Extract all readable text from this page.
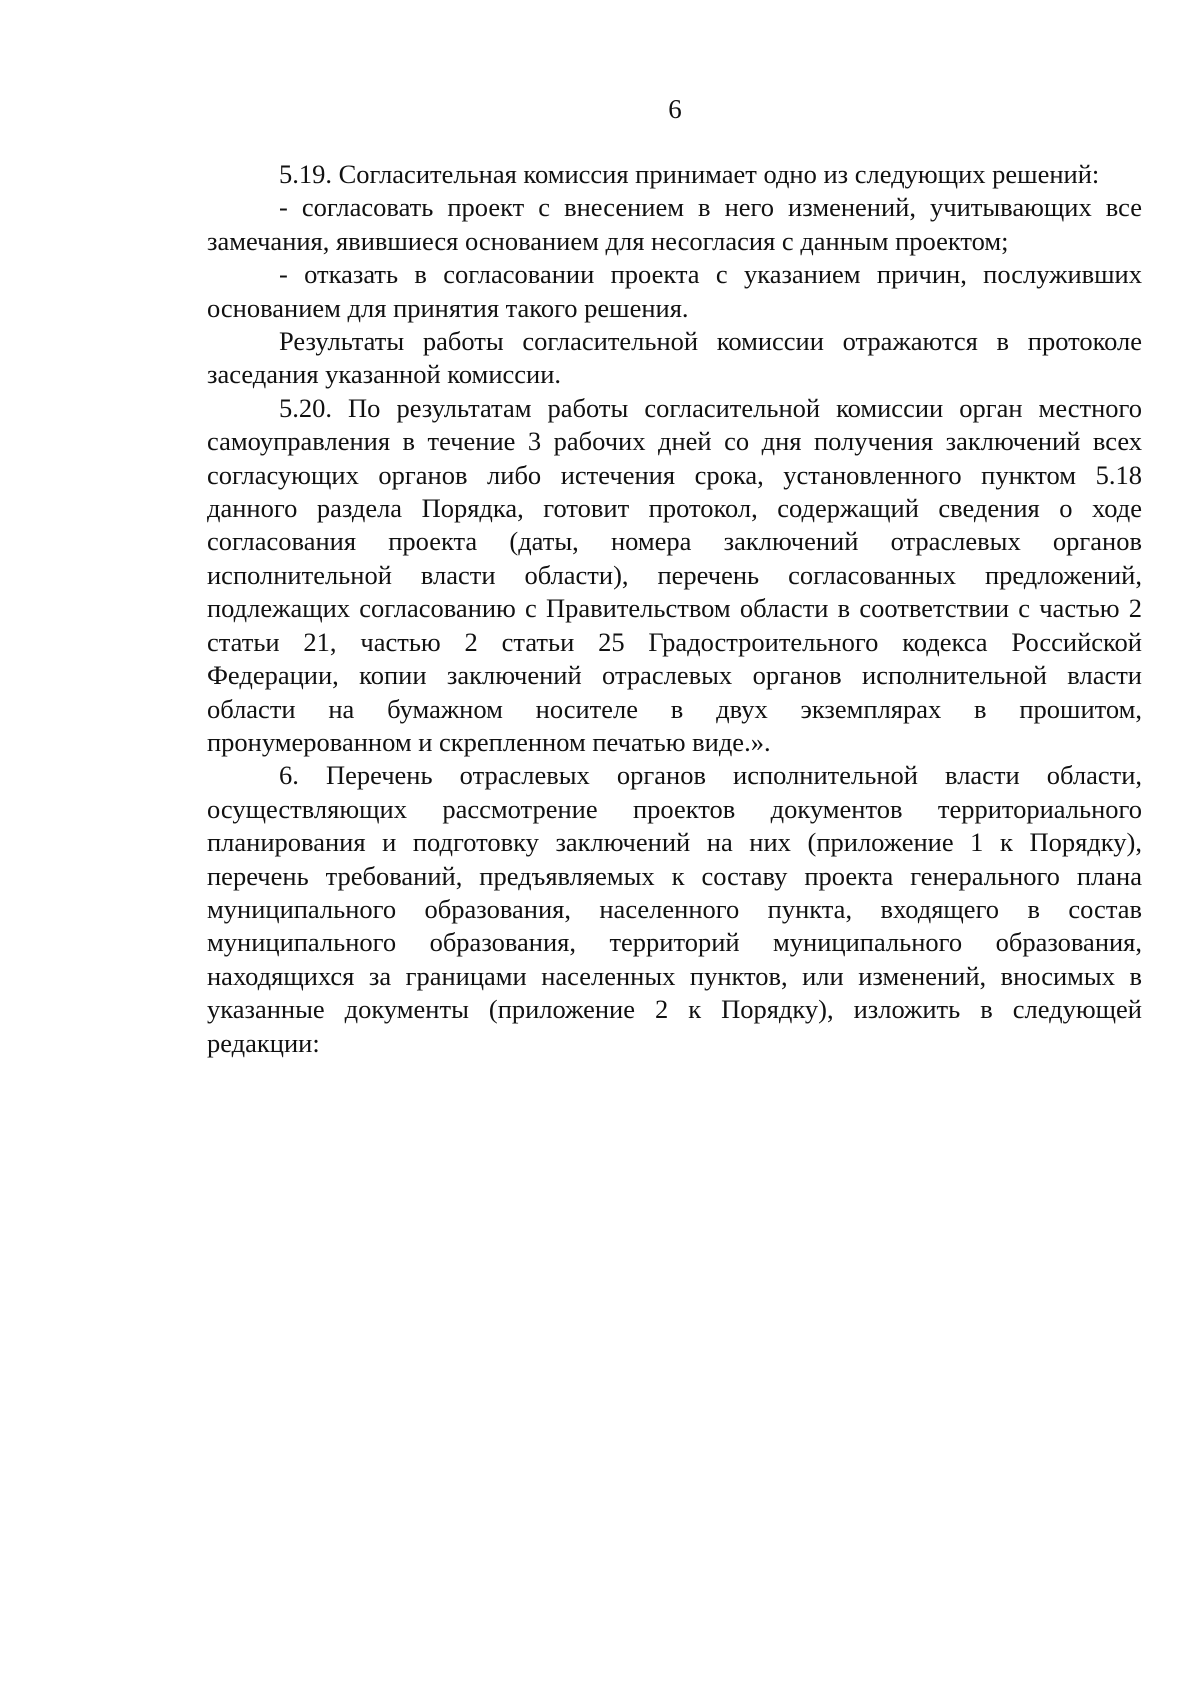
6

5.19. Согласительная комиссия принимает одно из следующих решений:

- согласовать проект с внесением в него изменений, учитывающих все замечания, явившиеся основанием для несогласия с данным проектом;

- отказать в согласовании проекта с указанием причин, послуживших основанием для принятия такого решения.

Результаты работы согласительной комиссии отражаются в протоколе заседания указанной комиссии.

5.20. По результатам работы согласительной комиссии орган местного самоуправления в течение 3 рабочих дней со дня получения заключений всех согласующих органов либо истечения срока, установленного пунктом 5.18 данного раздела Порядка, готовит протокол, содержащий сведения о ходе согласования проекта (даты, номера заключений отраслевых органов исполнительной власти области), перечень согласованных предложений, подлежащих согласованию с Правительством области в соответствии с частью 2 статьи 21, частью 2 статьи 25 Градостроительного кодекса Российской Федерации, копии заключений отраслевых органов исполнительной власти области на бумажном носителе в двух экземплярах в прошитом, пронумерованном и скрепленном печатью виде.».

6. Перечень отраслевых органов исполнительной власти области, осуществляющих рассмотрение проектов документов территориального планирования и подготовку заключений на них (приложение 1 к Порядку), перечень требований, предъявляемых к составу проекта генерального плана муниципального образования, населенного пункта, входящего в состав муниципального образования, территорий муниципального образования, находящихся за границами населенных пунктов, или изменений, вносимых в указанные документы (приложение 2 к Порядку), изложить в следующей редакции:
